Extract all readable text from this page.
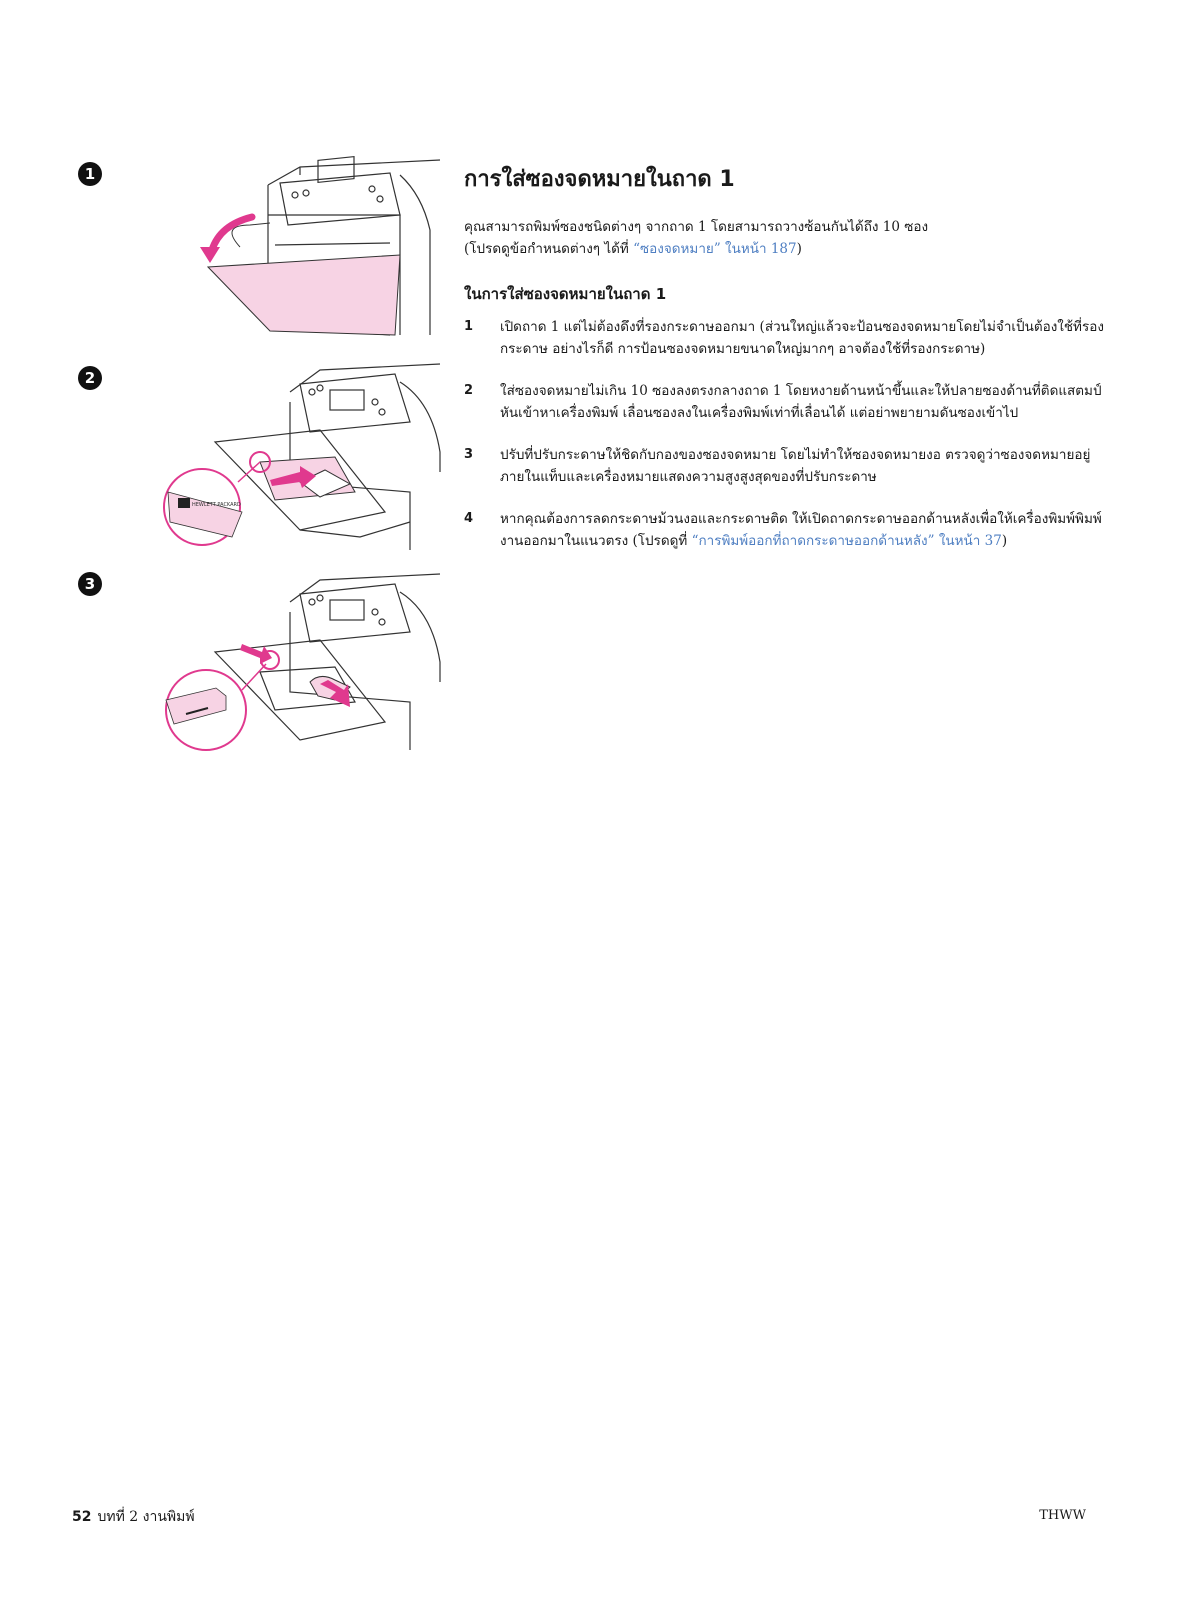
1
2
3
HEWLETT PACKARD
การใส่ซองจดหมายในถาด 1

คุณสามารถพิมพ์ซองชนิดต่างๆ จากถาด 1 โดยสามารถวางซ้อนกันได้ถึง 10 ซอง
(โปรดดูข้อกำหนดต่างๆ ได้ที่ “ซองจดหมาย” ในหน้า 187)

ในการใส่ซองจดหมายในถาด 1
1 เปิดถาด 1 แต่ไม่ต้องดึงที่รองกระดาษออกมา (ส่วนใหญ่แล้วจะป้อนซองจดหมายโดยไม่จำเป็นต้องใช้ที่รองกระดาษ อย่างไรก็ดี การป้อนซองจดหมายขนาดใหญ่มากๆ อาจต้องใช้ที่รองกระดาษ)
2 ใส่ซองจดหมายไม่เกิน 10 ซองลงตรงกลางถาด 1 โดยหงายด้านหน้าขึ้นและให้ปลายซองด้านที่ติดแสตมป์หันเข้าหาเครื่องพิมพ์ เลื่อนซองลงในเครื่องพิมพ์เท่าที่เลื่อนได้ แต่อย่าพยายามดันซองเข้าไป
3 ปรับที่ปรับกระดาษให้ชิดกับกองของซองจดหมาย โดยไม่ทำให้ซองจดหมายงอ ตรวจดูว่าซองจดหมายอยู่ภายในแท็บและเครื่องหมายแสดงความสูงสูงสุดของที่ปรับกระดาษ
4 หากคุณต้องการลดกระดาษม้วนงอและกระดาษติด ให้เปิดถาดกระดาษออกด้านหลังเพื่อให้เครื่องพิมพ์พิมพ์งานออกมาในแนวตรง (โปรดดูที่ “การพิมพ์ออกที่ถาดกระดาษออกด้านหลัง” ในหน้า 37)
52 บทที่ 2 งานพิมพ์	THWW
